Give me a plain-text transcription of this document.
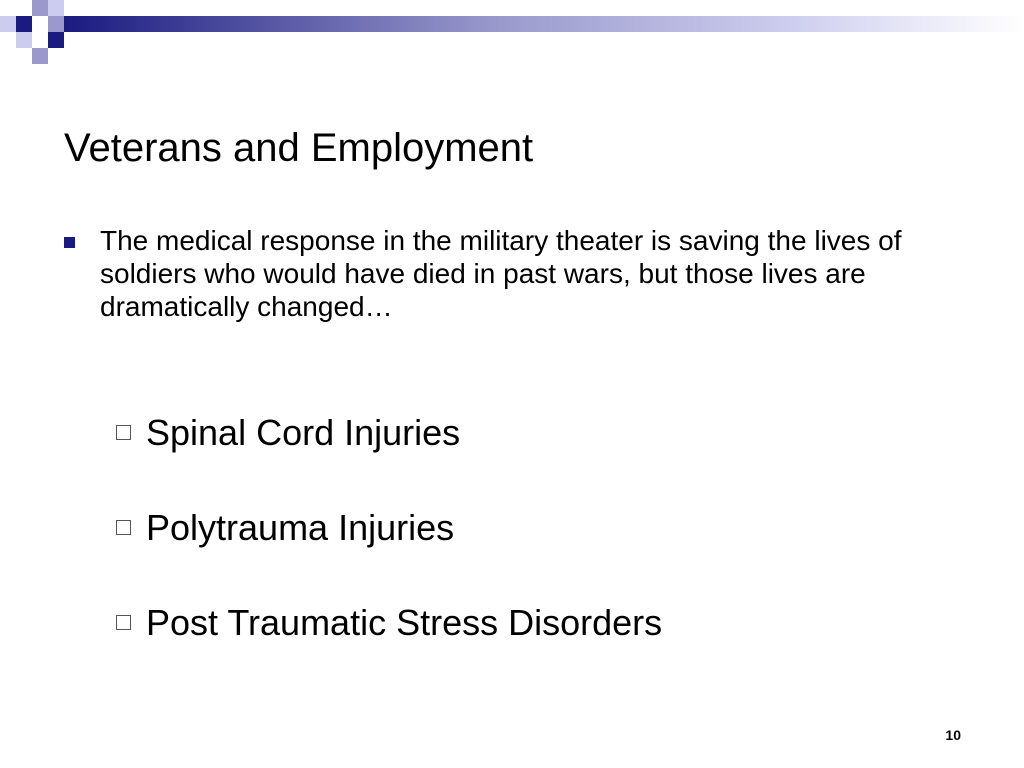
Veterans and Employment
The medical response in the military theater is saving the lives of soldiers who would have died in past wars, but those lives are dramatically changed…
Spinal Cord Injuries
Polytrauma Injuries
Post Traumatic Stress Disorders
10
